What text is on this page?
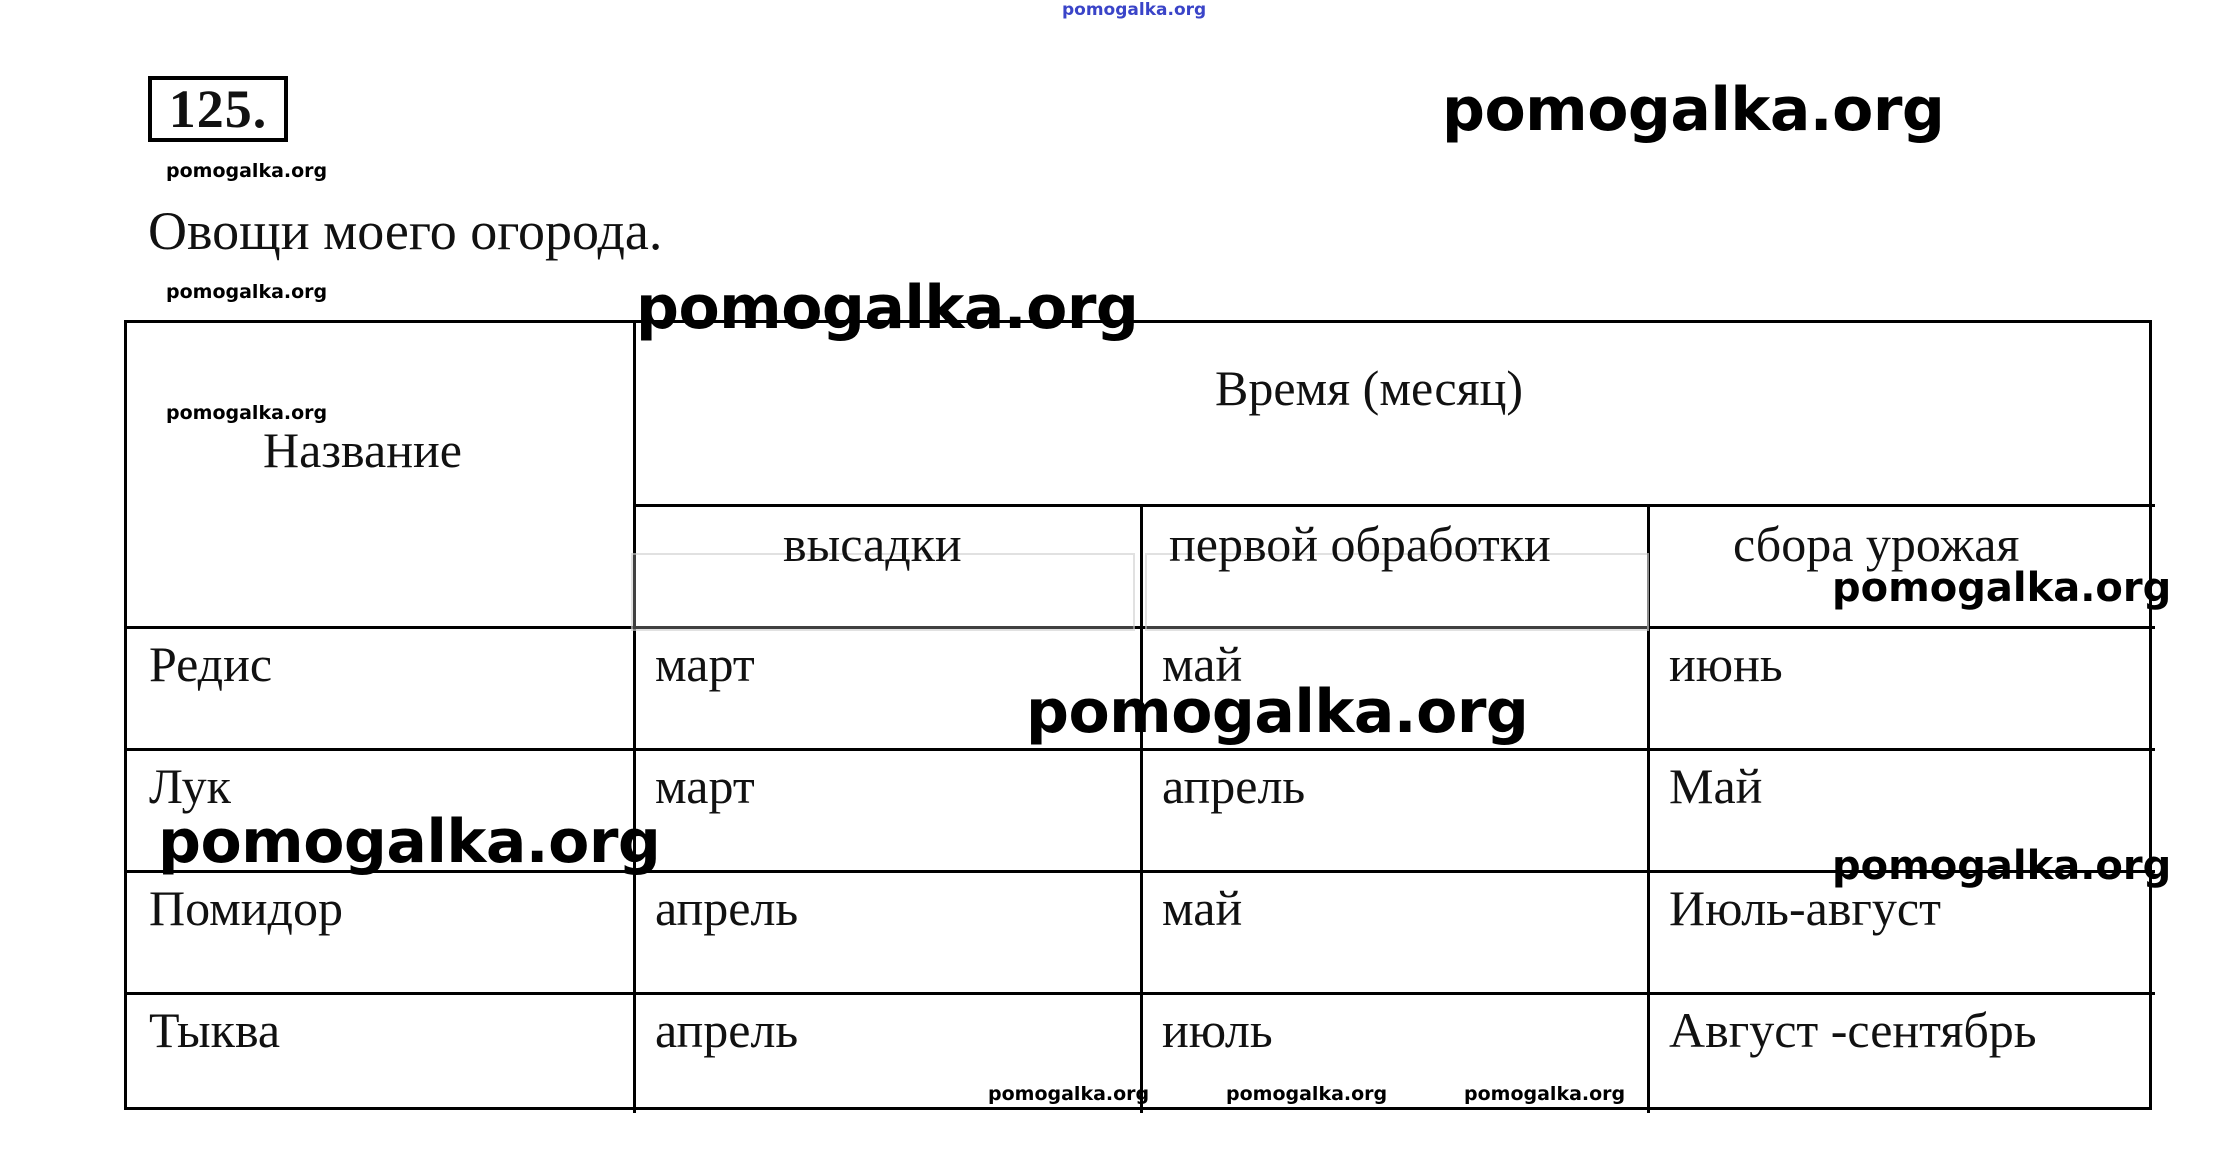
pomogalka.org
125.
pomogalka.org
pomogalka.org
Овощи моего огорода.
pomogalka.org
Название
Время (месяц)
высадки	первой обработки	сбора урожая
Редис	март	май	июнь
Лук	март	апрель	Май
Помидор	апрель	май	Июль-август
Тыква	апрель	июль	Август -сентябрь
pomogalka.org
pomogalka.org
pomogalka.org
pomogalka.org
pomogalka.org	pomogalka.org
pomogalka.org	pomogalka.org	pomogalka.org
